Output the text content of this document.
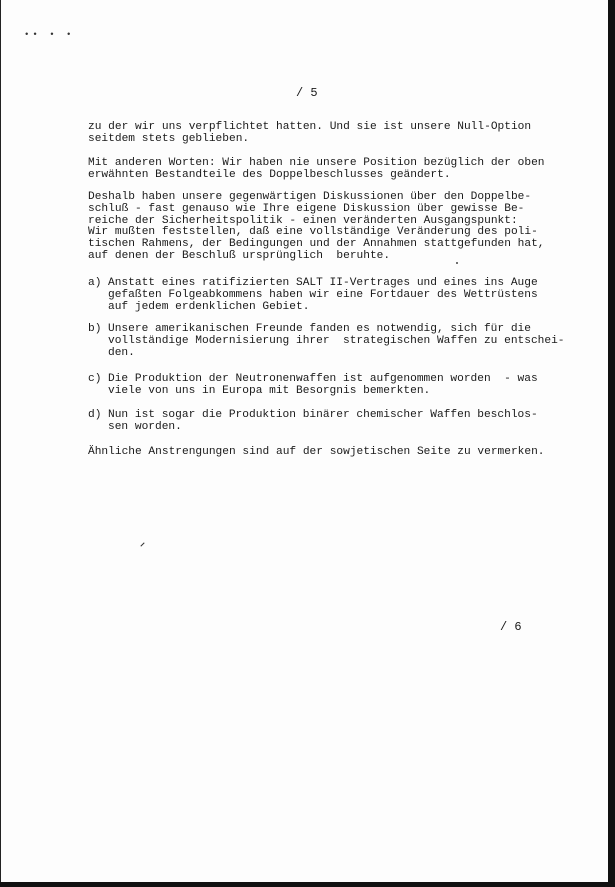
•• • •
/ 5
zu der wir uns verpflichtet hatten. Und sie ist unsere Null-Option
seitdem stets geblieben.
Mit anderen Worten: Wir haben nie unsere Position bezüglich der oben
erwähnten Bestandteile des Doppelbeschlusses geändert.
Deshalb haben unsere gegenwärtigen Diskussionen über den Doppelbe-
schluß - fast genauso wie Ihre eigene Diskussion über gewisse Be-
reiche der Sicherheitspolitik - einen veränderten Ausgangspunkt:
Wir mußten feststellen, daß eine vollständige Veränderung des poli-
tischen Rahmens, der Bedingungen und der Annahmen stattgefunden hat,
auf denen der Beschluß ursprünglich  beruhte.
a) Anstatt eines ratifizierten SALT II-Vertrages und eines ins Auge
gefaßten Folgeabkommens haben wir eine Fortdauer des Wettrüstens
auf jedem erdenklichen Gebiet.
b) Unsere amerikanischen Freunde fanden es notwendig, sich für die
vollständige Modernisierung ihrer  strategischen Waffen zu entschei-
den.
c) Die Produktion der Neutronenwaffen ist aufgenommen worden  - was
viele von uns in Europa mit Besorgnis bemerkten.
d) Nun ist sogar die Produktion binärer chemischer Waffen beschlos-
sen worden.
Ähnliche Anstrengungen sind auf der sowjetischen Seite zu vermerken.
/ 6
